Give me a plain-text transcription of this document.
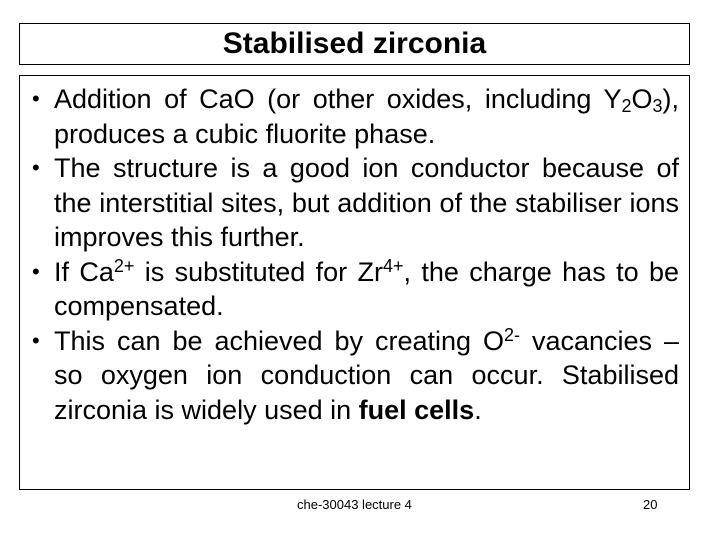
Stabilised zirconia
• Addition of CaO (or other oxides, including $Y_2O_3$), produces a cubic fluorite phase.
• The structure is a good ion conductor because of the interstitial sites, but addition of the stabiliser ions improves this further.
• If $Ca^{2+}$ is substituted for $Zr^{4+}$, the charge has to be compensated.
• This can be achieved by creating $O^{2-}$ vacancies – so oxygen ion conduction can occur. Stabilised zirconia is widely used in fuel cells.
che-30043 lecture 4	20
